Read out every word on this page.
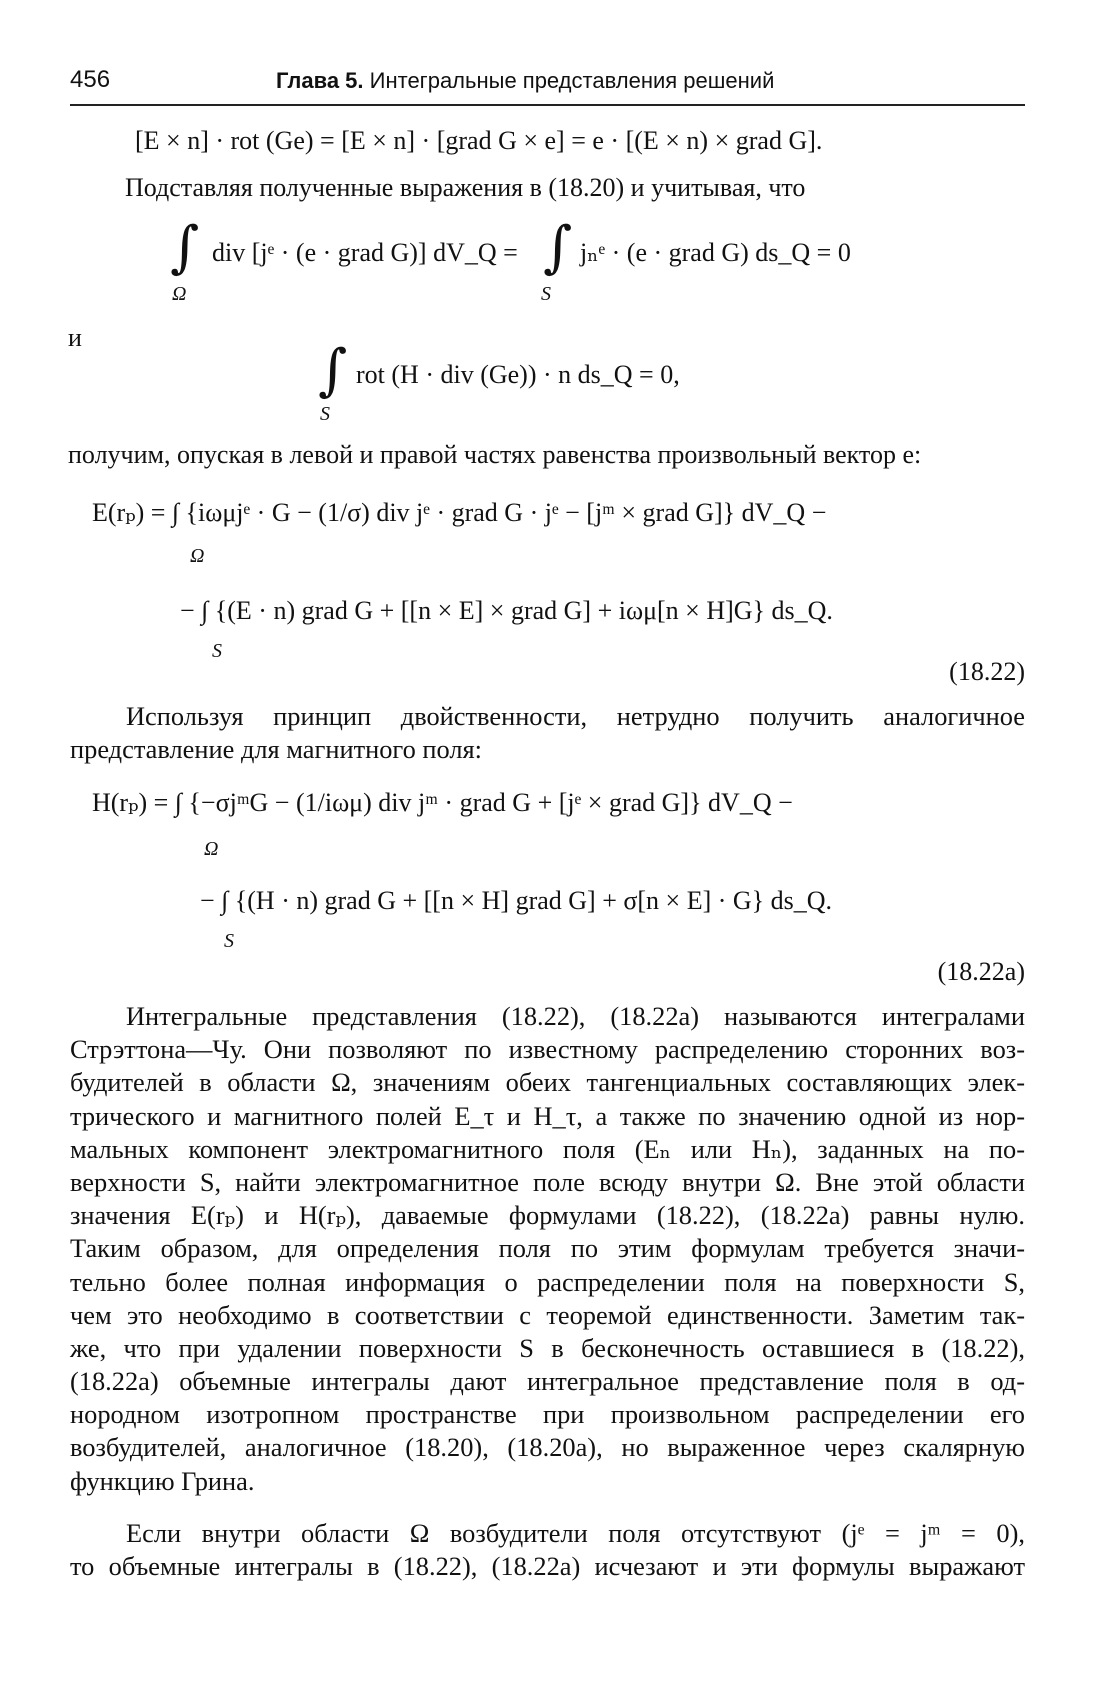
456	Глава 5. Интегральные представления решений
[E × n] · rot (Ge) = [E × n] · [grad G × e] = e · [(E × n) × grad G].
Подставляя полученные выражения в (18.20) и учитывая, что
∫
Ω
div [jᵉ · (e · grad G)] dV_Q = ∫
S
jₙᵉ · (e · grad G) ds_Q = 0
и
∫
S
rot (H · div (Ge)) · n ds_Q = 0,
получим, опуская в левой и правой частях равенства произвольный вектор e:
E(rₚ) = ∫ {iωμjᵉ · G − (1/σ) div jᵉ · grad G · jᵉ − [jᵐ × grad G]} dV_Q −
Ω
− ∫ {(E · n) grad G + [[n × E] × grad G] + iωμ[n × H]G} ds_Q.
S
(18.22)
Используя принцип двойственности, нетрудно получить аналогичное
представление для магнитного поля:
H(rₚ) = ∫ {−σjᵐG − (1/iωμ) div jᵐ · grad G + [jᵉ × grad G]} dV_Q −
Ω
− ∫ {(H · n) grad G + [[n × H] grad G] + σ[n × E] · G} ds_Q.
S
(18.22a)
Интегральные представления (18.22), (18.22a) называются интегралами
Стрэттона—Чу. Они позволяют по известному распределению сторонних воз-
будителей в области Ω, значениям обеих тангенциальных составляющих элек-
трического и магнитного полей E_τ и H_τ, а также по значению одной из нор-
мальных компонент электромагнитного поля (Eₙ или Hₙ), заданных на по-
верхности S, найти электромагнитное поле всюду внутри Ω. Вне этой области
значения E(rₚ) и H(rₚ), даваемые формулами (18.22), (18.22a) равны нулю.
Таким образом, для определения поля по этим формулам требуется значи-
тельно более полная информация о распределении поля на поверхности S,
чем это необходимо в соответствии с теоремой единственности. Заметим так-
же, что при удалении поверхности S в бесконечность оставшиеся в (18.22),
(18.22a) объемные интегралы дают интегральное представление поля в од-
нородном изотропном пространстве при произвольном распределении его
возбудителей, аналогичное (18.20), (18.20a), но выраженное через скалярную
функцию Грина.
Если внутри области Ω возбудители поля отсутствуют (jᵉ = jᵐ = 0),
то объемные интегралы в (18.22), (18.22a) исчезают и эти формулы выражают
